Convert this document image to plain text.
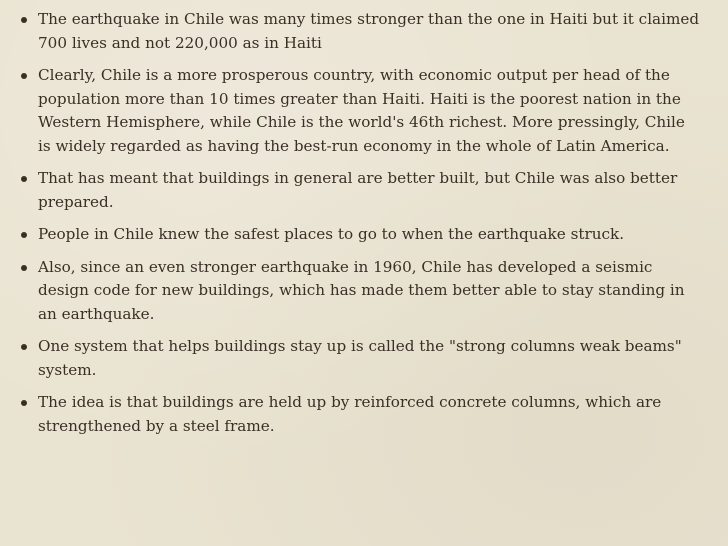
The earthquake in Chile was many times stronger than the one in Haiti but it claimed 700 lives and not 220,000 as in Haiti
Clearly, Chile is a more prosperous country, with economic output per head of the population more than 10 times greater than Haiti. Haiti is the poorest nation in the Western Hemisphere, while Chile is the world's 46th richest. More pressingly, Chile is widely regarded as having the best-run economy in the whole of Latin America.
That has meant that buildings in general are better built, but Chile was also better prepared.
People in Chile knew the safest places to go to when the earthquake struck.
Also, since an even stronger earthquake in 1960, Chile has developed a seismic design code for new buildings, which has made them better able to stay standing in an earthquake.
One system that helps buildings stay up is called the "strong columns weak beams" system.
The idea is that buildings are held up by reinforced concrete columns, which are strengthened by a steel frame.
